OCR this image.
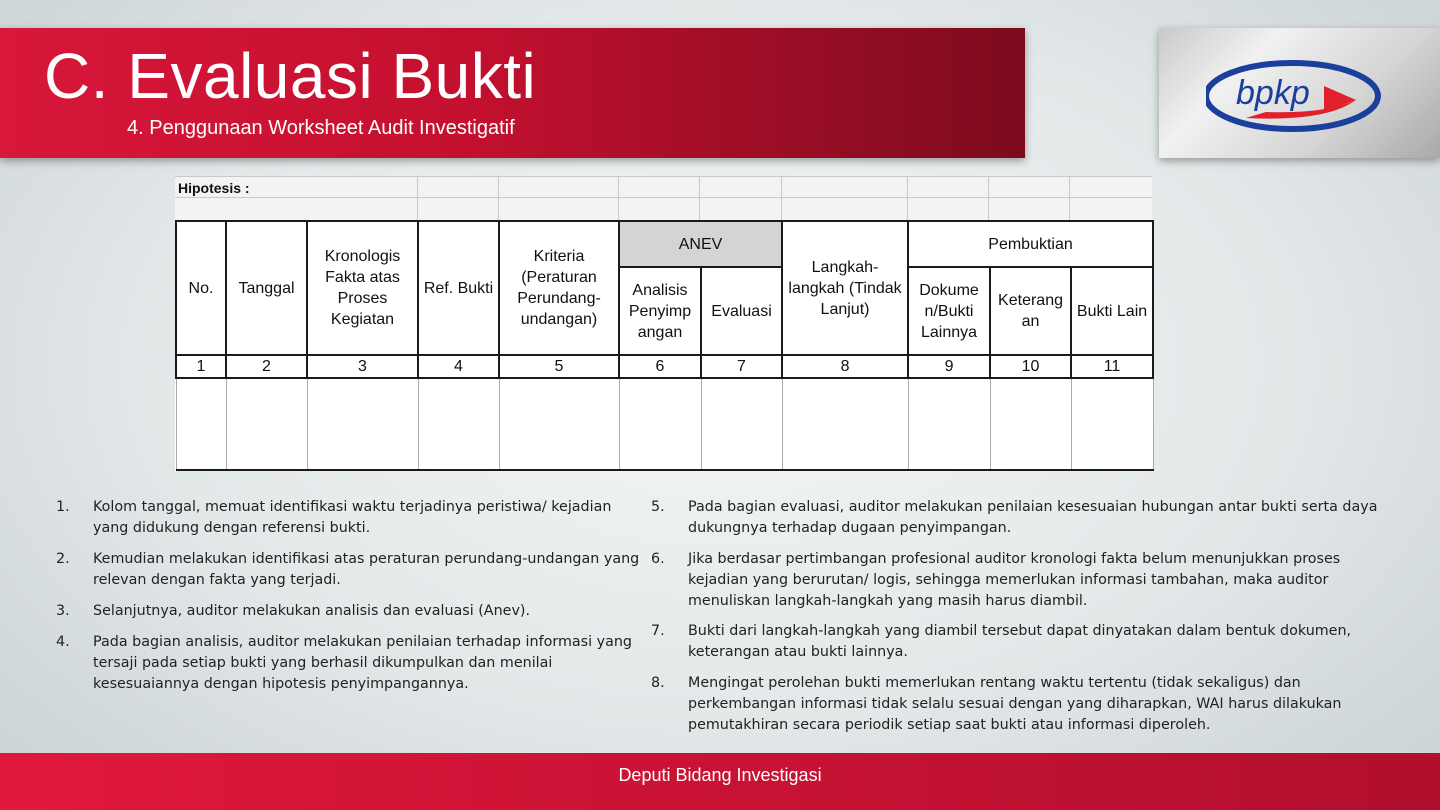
C. Evaluasi Bukti
4. Penggunaan Worksheet Audit Investigatif
bpkp
Hipotesis :
No.	Tanggal	Kronologis Fakta atas Proses Kegiatan	Ref. Bukti	Kriteria (Peraturan Perundang-undangan)	ANEV		Langkah-langkah (Tindak Lanjut)	Pembuktian		
					Analisis Penyimp angan	Evaluasi		Dokume n/Bukti Lainnya	Keterang an	Bukti Lain
1	2	3	4	5	6	7	8	9	10	11

1. Kolom tanggal, memuat identifikasi waktu terjadinya peristiwa/ kejadian yang didukung dengan referensi bukti.
2. Kemudian melakukan identifikasi atas peraturan perundang-undangan yang relevan dengan fakta yang terjadi.
3. Selanjutnya, auditor melakukan analisis dan evaluasi (Anev).
4. Pada bagian analisis, auditor melakukan penilaian terhadap informasi yang tersaji pada setiap bukti yang berhasil dikumpulkan dan menilai kesesuaiannya dengan hipotesis penyimpangannya.
5. Pada bagian evaluasi, auditor melakukan penilaian kesesuaian hubungan antar bukti serta daya dukungnya terhadap dugaan penyimpangan.
6. Jika berdasar pertimbangan profesional auditor kronologi fakta belum menunjukkan proses kejadian yang berurutan/ logis, sehingga memerlukan informasi tambahan, maka auditor menuliskan langkah-langkah yang masih harus diambil.
7. Bukti dari langkah-langkah yang diambil tersebut dapat dinyatakan dalam bentuk dokumen, keterangan atau bukti lainnya.
8. Mengingat perolehan bukti memerlukan rentang waktu tertentu (tidak sekaligus) dan perkembangan informasi tidak selalu sesuai dengan yang diharapkan, WAI harus dilakukan pemutakhiran secara periodik setiap saat bukti atau informasi diperoleh.
Deputi Bidang Investigasi
